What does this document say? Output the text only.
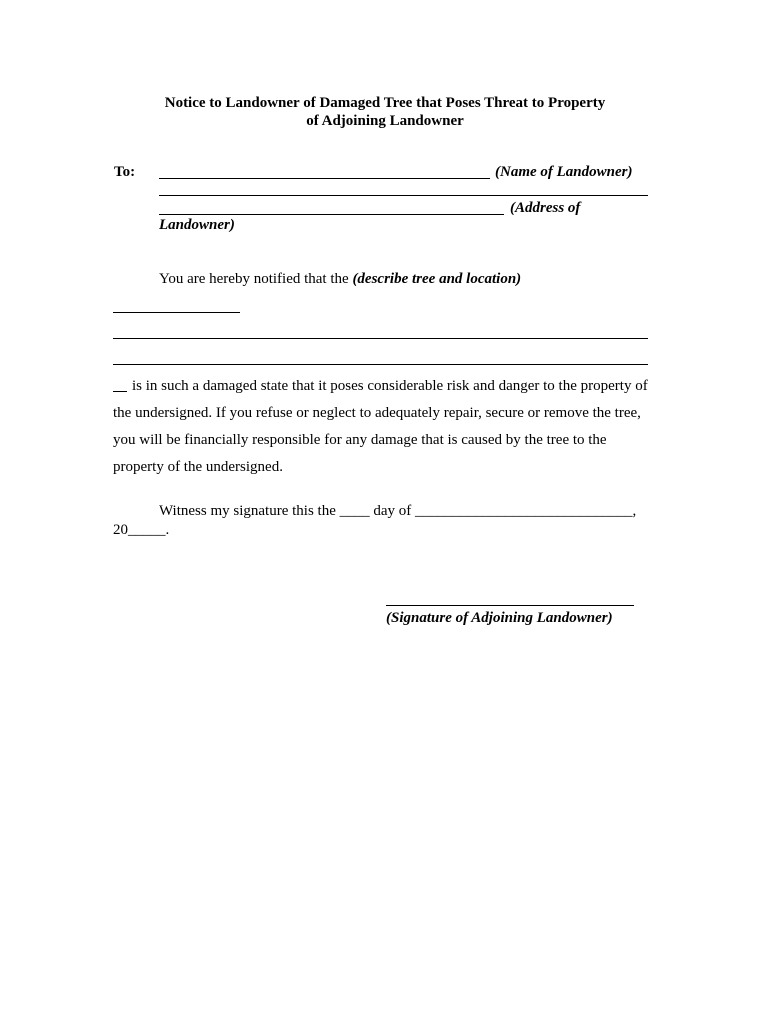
Notice to Landowner of Damaged Tree that Poses Threat to Property
of Adjoining Landowner
To:	(Name of Landowner)
(Address of
Landowner)
You are hereby notified that the (describe tree and location)
is in such a damaged state that it poses considerable risk and danger to the property of
the undersigned. If you refuse or neglect to adequately repair, secure or remove the tree,
you will be financially responsible for any damage that is caused by the tree to the
property of the undersigned.
Witness my signature this the ____ day of _____________________________,
20_____.
(Signature of Adjoining Landowner)
